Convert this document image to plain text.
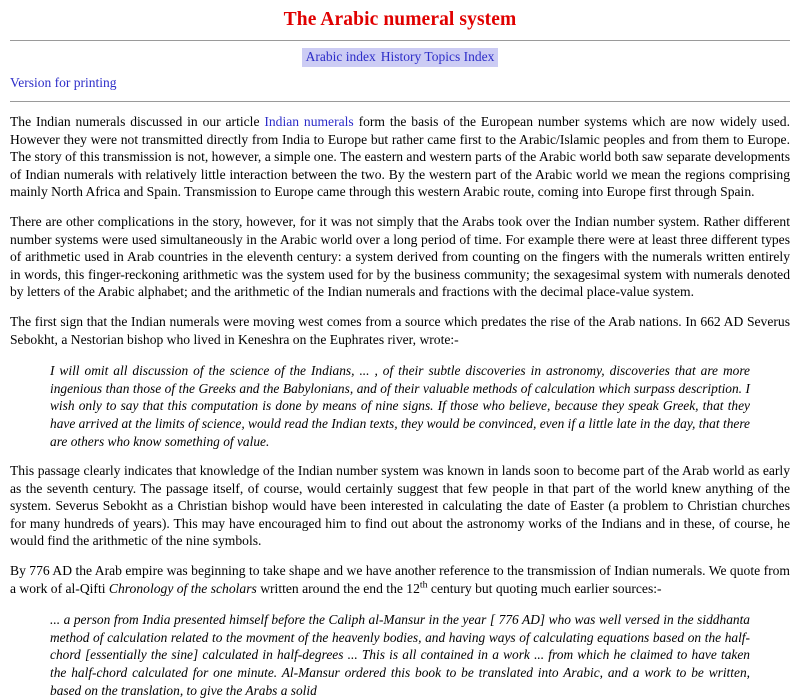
The Arabic numeral system
Arabic index History Topics Index
Version for printing

The Indian numerals discussed in our article Indian numerals form the basis of the European number systems which are now widely used. However they were not transmitted directly from India to Europe but rather came first to the Arabic/Islamic peoples and from them to Europe. The story of this transmission is not, however, a simple one. The eastern and western parts of the Arabic world both saw separate developments of Indian numerals with relatively little interaction between the two. By the western part of the Arabic world we mean the regions comprising mainly North Africa and Spain. Transmission to Europe came through this western Arabic route, coming into Europe first through Spain.

There are other complications in the story, however, for it was not simply that the Arabs took over the Indian number system. Rather different number systems were used simultaneously in the Arabic world over a long period of time. For example there were at least three different types of arithmetic used in Arab countries in the eleventh century: a system derived from counting on the fingers with the numerals written entirely in words, this finger-reckoning arithmetic was the system used for by the business community; the sexagesimal system with numerals denoted by letters of the Arabic alphabet; and the arithmetic of the Indian numerals and fractions with the decimal place-value system.

The first sign that the Indian numerals were moving west comes from a source which predates the rise of the Arab nations. In 662 AD Severus Sebokht, a Nestorian bishop who lived in Keneshra on the Euphrates river, wrote:-

I will omit all discussion of the science of the Indians, ... , of their subtle discoveries in astronomy, discoveries that are more ingenious than those of the Greeks and the Babylonians, and of their valuable methods of calculation which surpass description. I wish only to say that this computation is done by means of nine signs. If those who believe, because they speak Greek, that they have arrived at the limits of science, would read the Indian texts, they would be convinced, even if a little late in the day, that there are others who know something of value.

This passage clearly indicates that knowledge of the Indian number system was known in lands soon to become part of the Arab world as early as the seventh century. The passage itself, of course, would certainly suggest that few people in that part of the world knew anything of the system. Severus Sebokht as a Christian bishop would have been interested in calculating the date of Easter (a problem to Christian churches for many hundreds of years). This may have encouraged him to find out about the astronomy works of the Indians and in these, of course, he would find the arithmetic of the nine symbols.

By 776 AD the Arab empire was beginning to take shape and we have another reference to the transmission of Indian numerals. We quote from a work of al-Qifti Chronology of the scholars written around the end the 12th century but quoting much earlier sources:-

... a person from India presented himself before the Caliph al-Mansur in the year [ 776 AD] who was well versed in the siddhanta method of calculation related to the movment of the heavenly bodies, and having ways of calculating equations based on the half-chord [essentially the sine] calculated in half-degrees ... This is all contained in a work ... from which he claimed to have taken the half-chord calculated for one minute. Al-Mansur ordered this book to be translated into Arabic, and a work to be written, based on the translation, to give the Arabs a solid
